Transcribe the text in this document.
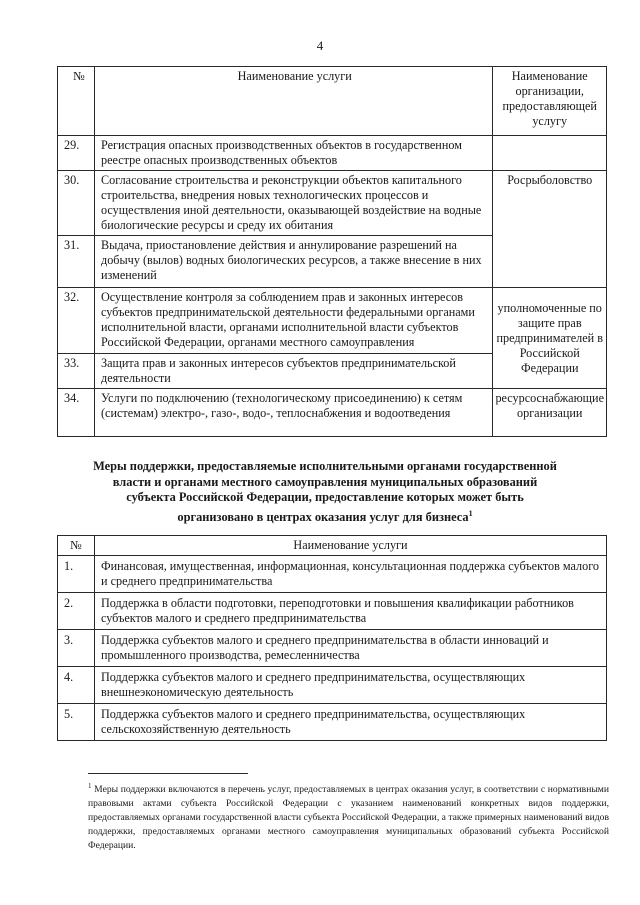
4
№	Наименование услуги	Наименование организации, предоставляющей услугу
29.	Регистрация опасных производственных объектов в государственном реестре опасных производственных объектов	
30.	Согласование строительства и реконструкции объектов капитального строительства, внедрения новых технологических процессов и осуществления иной деятельности, оказывающей воздействие на водные биологические ресурсы и среду их обитания	Росрыболовство
31.	Выдача, приостановление действия и аннулирование разрешений на добычу (вылов) водных биологических ресурсов, а также внесение в них изменений	
32.	Осуществление контроля за соблюдением прав и законных интересов субъектов предпринимательской деятельности федеральными органами исполнительной власти, органами исполнительной власти субъектов Российской Федерации, органами местного самоуправления	уполномоченные по защите прав предпринимателей в Российской Федерации
33.	Защита прав и законных интересов субъектов предпринимательской деятельности	
34.	Услуги по подключению (технологическому присоединению) к сетям (системам) электро-, газо-, водо-, теплоснабжения и водоотведения	ресурсоснабжающие организации
Меры поддержки, предоставляемые исполнительными органами государственной власти и органами местного самоуправления муниципальных образований субъекта Российской Федерации, предоставление которых может быть организовано в центрах оказания услуг для бизнеса$^1$
№	Наименование услуги
1.	Финансовая, имущественная, информационная, консультационная поддержка субъектов малого и среднего предпринимательства
2.	Поддержка в области подготовки, переподготовки и повышения квалификации работников субъектов малого и среднего предпринимательства
3.	Поддержка субъектов малого и среднего предпринимательства в области инноваций и промышленного производства, ремесленничества
4.	Поддержка субъектов малого и среднего предпринимательства, осуществляющих внешнеэкономическую деятельность
5.	Поддержка субъектов малого и среднего предпринимательства, осуществляющих сельскохозяйственную деятельность
$^1$ Меры поддержки включаются в перечень услуг, предоставляемых в центрах оказания услуг, в соответствии с нормативными правовыми актами субъекта Российской Федерации с указанием наименований конкретных видов поддержки, предоставляемых органами государственной власти субъекта Российской Федерации, а также примерных наименований видов поддержки, предоставляемых органами местного самоуправления муниципальных образований субъекта Российской Федерации.
